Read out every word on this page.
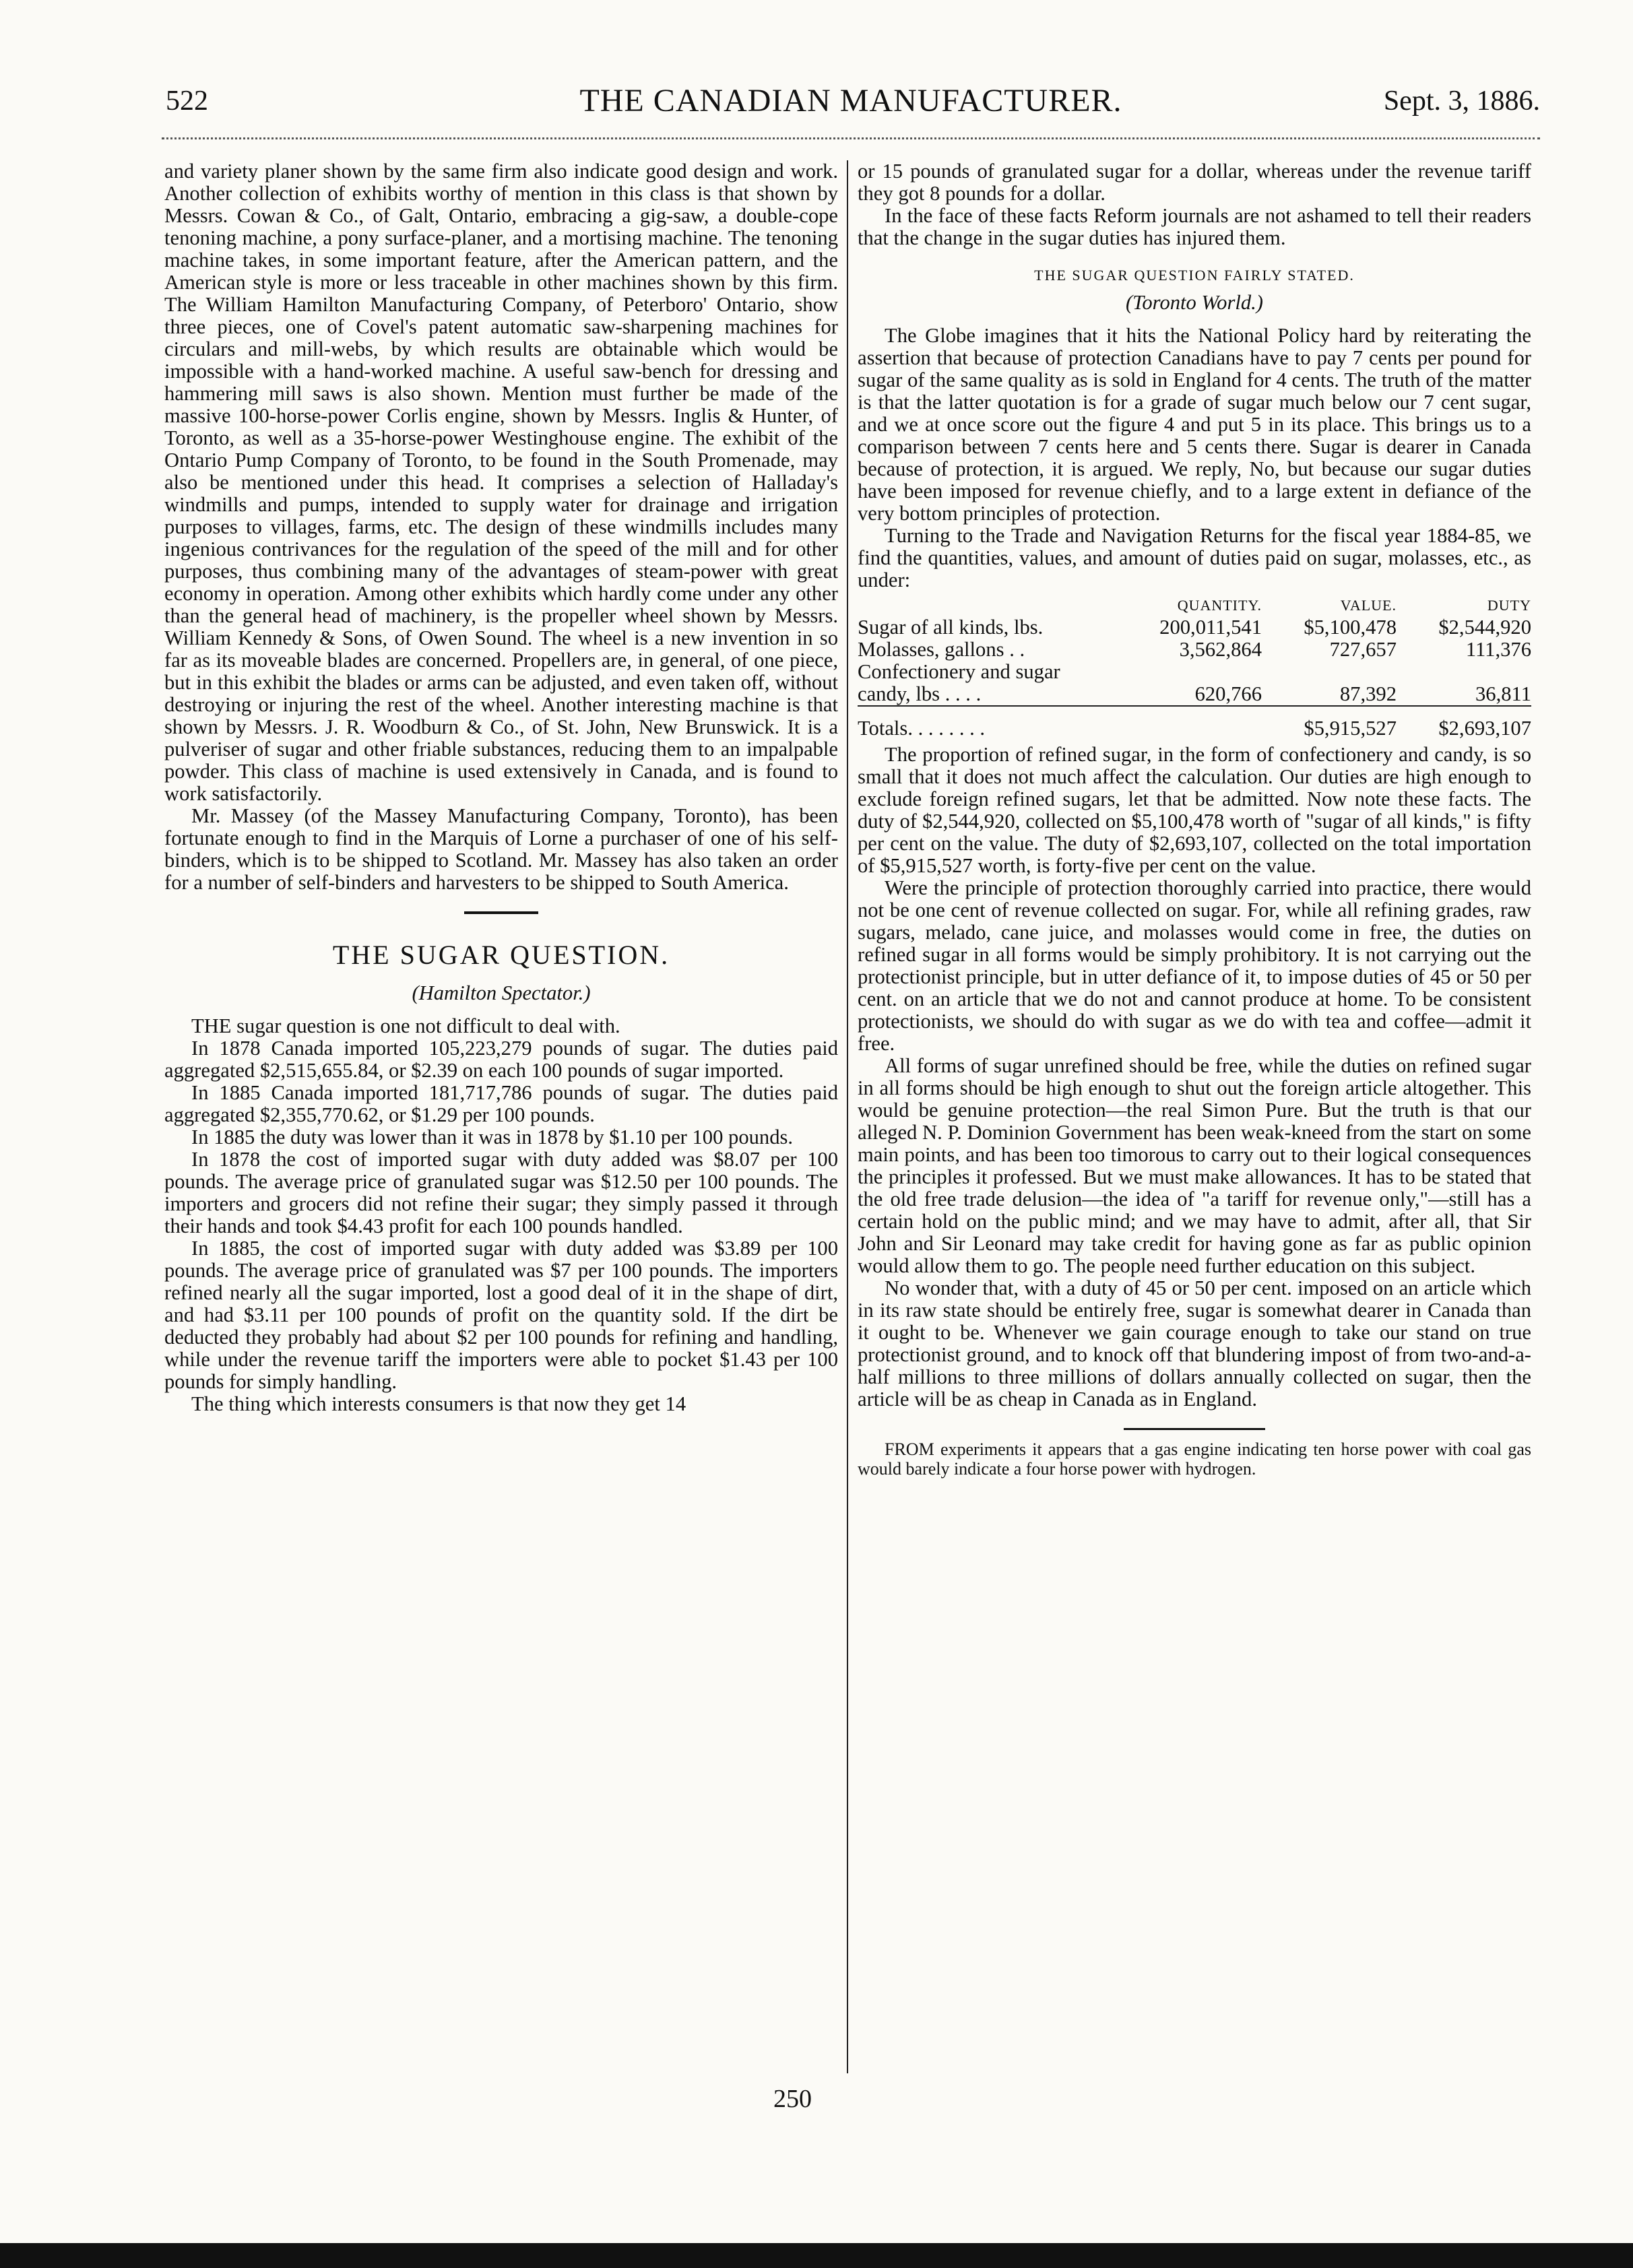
522	THE CANADIAN MANUFACTURER.	Sept. 3, 1886.

and variety planer shown by the same firm also indicate good design and work. Another collection of exhibits worthy of mention in this class is that shown by Messrs. Cowan & Co., of Galt, Ontario, embracing a gig-saw, a double-cope tenoning machine, a pony surface-planer, and a mortising machine. The tenoning machine takes, in some important feature, after the American pattern, and the American style is more or less traceable in other machines shown by this firm. The William Hamilton Manufacturing Company, of Peterboro' Ontario, show three pieces, one of Covel's patent automatic saw-sharpening machines for circulars and mill-webs, by which results are obtainable which would be impossible with a hand-worked machine. A useful saw-bench for dressing and hammering mill saws is also shown. Mention must further be made of the massive 100-horse-power Corlis engine, shown by Messrs. Inglis & Hunter, of Toronto, as well as a 35-horse-power Westinghouse engine. The exhibit of the Ontario Pump Company of Toronto, to be found in the South Promenade, may also be mentioned under this head. It comprises a selection of Halladay's windmills and pumps, intended to supply water for drainage and irrigation purposes to villages, farms, etc. The design of these windmills includes many ingenious contrivances for the regulation of the speed of the mill and for other purposes, thus combining many of the advantages of steam-power with great economy in operation. Among other exhibits which hardly come under any other than the general head of machinery, is the propeller wheel shown by Messrs. William Kennedy & Sons, of Owen Sound. The wheel is a new invention in so far as its moveable blades are concerned. Propellers are, in general, of one piece, but in this exhibit the blades or arms can be adjusted, and even taken off, without destroying or injuring the rest of the wheel. Another interesting machine is that shown by Messrs. J. R. Woodburn & Co., of St. John, New Brunswick. It is a pulveriser of sugar and other friable substances, reducing them to an impalpable powder. This class of machine is used extensively in Canada, and is found to work satisfactorily.

Mr. Massey (of the Massey Manufacturing Company, Toronto), has been fortunate enough to find in the Marquis of Lorne a purchaser of one of his self-binders, which is to be shipped to Scotland. Mr. Massey has also taken an order for a number of self-binders and harvesters to be shipped to South America.

THE SUGAR QUESTION.
(Hamilton Spectator.)

THE sugar question is one not difficult to deal with.

In 1878 Canada imported 105,223,279 pounds of sugar. The duties paid aggregated $2,515,655.84, or $2.39 on each 100 pounds of sugar imported.

In 1885 Canada imported 181,717,786 pounds of sugar. The duties paid aggregated $2,355,770.62, or $1.29 per 100 pounds.

In 1885 the duty was lower than it was in 1878 by $1.10 per 100 pounds.

In 1878 the cost of imported sugar with duty added was $8.07 per 100 pounds. The average price of granulated sugar was $12.50 per 100 pounds. The importers and grocers did not refine their sugar; they simply passed it through their hands and took $4.43 profit for each 100 pounds handled.

In 1885, the cost of imported sugar with duty added was $3.89 per 100 pounds. The average price of granulated was $7 per 100 pounds. The importers refined nearly all the sugar imported, lost a good deal of it in the shape of dirt, and had $3.11 per 100 pounds of profit on the quantity sold. If the dirt be deducted they probably had about $2 per 100 pounds for refining and handling, while under the revenue tariff the importers were able to pocket $1.43 per 100 pounds for simply handling.

The thing which interests consumers is that now they get 14

or 15 pounds of granulated sugar for a dollar, whereas under the revenue tariff they got 8 pounds for a dollar.

In the face of these facts Reform journals are not ashamed to tell their readers that the change in the sugar duties has injured them.

THE SUGAR QUESTION FAIRLY STATED.
(Toronto World.)

The Globe imagines that it hits the National Policy hard by reiterating the assertion that because of protection Canadians have to pay 7 cents per pound for sugar of the same quality as is sold in England for 4 cents. The truth of the matter is that the latter quotation is for a grade of sugar much below our 7 cent sugar, and we at once score out the figure 4 and put 5 in its place. This brings us to a comparison between 7 cents here and 5 cents there. Sugar is dearer in Canada because of protection, it is argued. We reply, No, but because our sugar duties have been imposed for revenue chiefly, and to a large extent in defiance of the very bottom principles of protection.

Turning to the Trade and Navigation Returns for the fiscal year 1884-85, we find the quantities, values, and amount of duties paid on sugar, molasses, etc., as under:

	QUANTITY.	VALUE.	DUTY
Sugar of all kinds, lbs.	200,011,541	$5,100,478	$2,544,920
Molasses, gallons . .	3,562,864	727,657	111,376
Confectionery and sugar candy, lbs . . . .	620,766	87,392	36,811
Totals. . . . . . . .		$5,915,527	$2,693,107

The proportion of refined sugar, in the form of confectionery and candy, is so small that it does not much affect the calculation. Our duties are high enough to exclude foreign refined sugars, let that be admitted. Now note these facts. The duty of $2,544,920, collected on $5,100,478 worth of "sugar of all kinds," is fifty per cent on the value. The duty of $2,693,107, collected on the total importation of $5,915,527 worth, is forty-five per cent on the value.

Were the principle of protection thoroughly carried into practice, there would not be one cent of revenue collected on sugar. For, while all refining grades, raw sugars, melado, cane juice, and molasses would come in free, the duties on refined sugar in all forms would be simply prohibitory. It is not carrying out the protectionist principle, but in utter defiance of it, to impose duties of 45 or 50 per cent. on an article that we do not and cannot produce at home. To be consistent protectionists, we should do with sugar as we do with tea and coffee—admit it free.

All forms of sugar unrefined should be free, while the duties on refined sugar in all forms should be high enough to shut out the foreign article altogether. This would be genuine protection—the real Simon Pure. But the truth is that our alleged N. P. Dominion Government has been weak-kneed from the start on some main points, and has been too timorous to carry out to their logical consequences the principles it professed. But we must make allowances. It has to be stated that the old free trade delusion—the idea of "a tariff for revenue only,"—still has a certain hold on the public mind; and we may have to admit, after all, that Sir John and Sir Leonard may take credit for having gone as far as public opinion would allow them to go. The people need further education on this subject.

No wonder that, with a duty of 45 or 50 per cent. imposed on an article which in its raw state should be entirely free, sugar is somewhat dearer in Canada than it ought to be. Whenever we gain courage enough to take our stand on true protectionist ground, and to knock off that blundering impost of from two-and-a-half millions to three millions of dollars annually collected on sugar, then the article will be as cheap in Canada as in England.

FROM experiments it appears that a gas engine indicating ten horse power with coal gas would barely indicate a four horse power with hydrogen.

250
